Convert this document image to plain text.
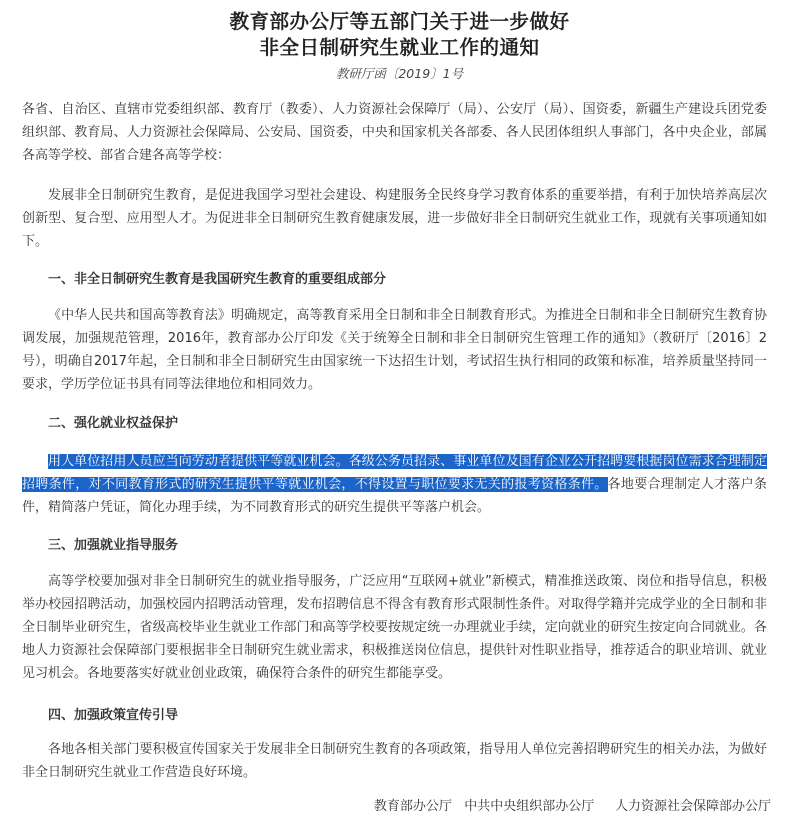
教育部办公厅等五部门关于进一步做好
非全日制研究生就业工作的通知
教研厅函〔2019〕1号

各省、自治区、直辖市党委组织部、教育厅（教委）、人力资源社会保障厅（局）、公安厅（局）、国资委，新疆生产建设兵团党委组织部、教育局、人力资源社会保障局、公安局、国资委，中央和国家机关各部委、各人民团体组织人事部门，各中央企业，部属各高等学校、部省合建各高等学校：

发展非全日制研究生教育，是促进我国学习型社会建设、构建服务全民终身学习教育体系的重要举措，有利于加快培养高层次创新型、复合型、应用型人才。为促进非全日制研究生教育健康发展，进一步做好非全日制研究生就业工作，现就有关事项通知如下。

一、非全日制研究生教育是我国研究生教育的重要组成部分

《中华人民共和国高等教育法》明确规定，高等教育采用全日制和非全日制教育形式。为推进全日制和非全日制研究生教育协调发展，加强规范管理，2016年，教育部办公厅印发《关于统筹全日制和非全日制研究生管理工作的通知》（教研厅〔2016〕2号），明确自2017年起，全日制和非全日制研究生由国家统一下达招生计划，考试招生执行相同的政策和标准，培养质量坚持同一要求，学历学位证书具有同等法律地位和相同效力。

二、强化就业权益保护

用人单位招用人员应当向劳动者提供平等就业机会。各级公务员招录、事业单位及国有企业公开招聘要根据岗位需求合理制定招聘条件，对不同教育形式的研究生提供平等就业机会，不得设置与职位要求无关的报考资格条件。各地要合理制定人才落户条件，精简落户凭证，简化办理手续，为不同教育形式的研究生提供平等落户机会。

三、加强就业指导服务

高等学校要加强对非全日制研究生的就业指导服务，广泛应用“互联网+就业”新模式，精准推送政策、岗位和指导信息，积极举办校园招聘活动，加强校园内招聘活动管理，发布招聘信息不得含有教育形式限制性条件。对取得学籍并完成学业的全日制和非全日制毕业研究生，省级高校毕业生就业工作部门和高等学校要按规定统一办理就业手续，定向就业的研究生按定向合同就业。各地人力资源社会保障部门要根据非全日制研究生就业需求，积极推送岗位信息，提供针对性职业指导，推荐适合的职业培训、就业见习机会。各地要落实好就业创业政策，确保符合条件的研究生都能享受。

四、加强政策宣传引导

各地各相关部门要积极宣传国家关于发展非全日制研究生教育的各项政策，指导用人单位完善招聘研究生的相关办法，为做好非全日制研究生就业工作营造良好环境。

教育部办公厅 中共中央组织部办公厅 人力资源社会保障部办公厅
